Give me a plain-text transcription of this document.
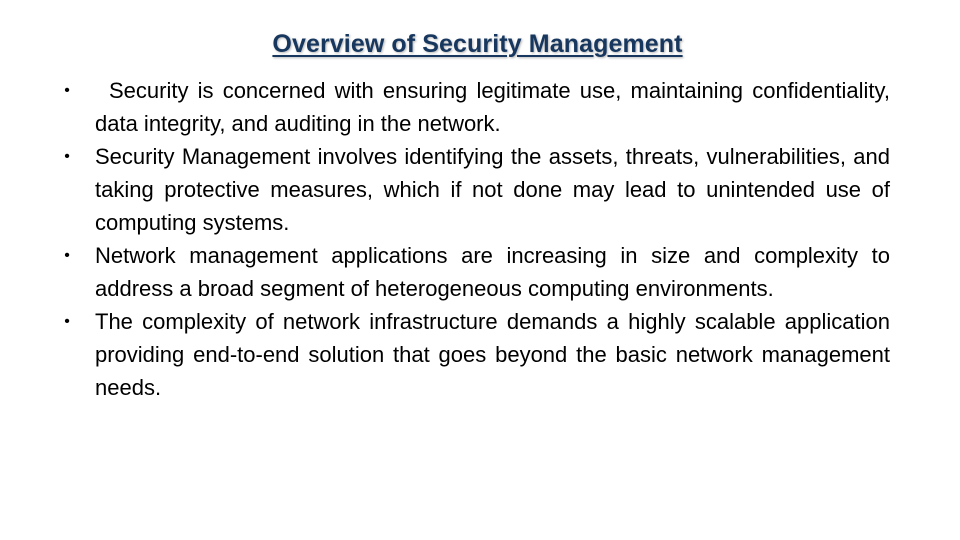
Overview of Security Management
•	Security is concerned with ensuring legitimate use, maintaining confidentiality, data integrity, and auditing in the network.
•	Security Management involves identifying the assets, threats, vulnerabilities, and taking protective measures, which if not done may lead to unintended use of computing systems.
•	Network management applications are increasing in size and complexity to address a broad segment of heterogeneous computing environments.
•	The complexity of network infrastructure demands a highly scalable application providing end-to-end solution that goes beyond the basic network management needs.
